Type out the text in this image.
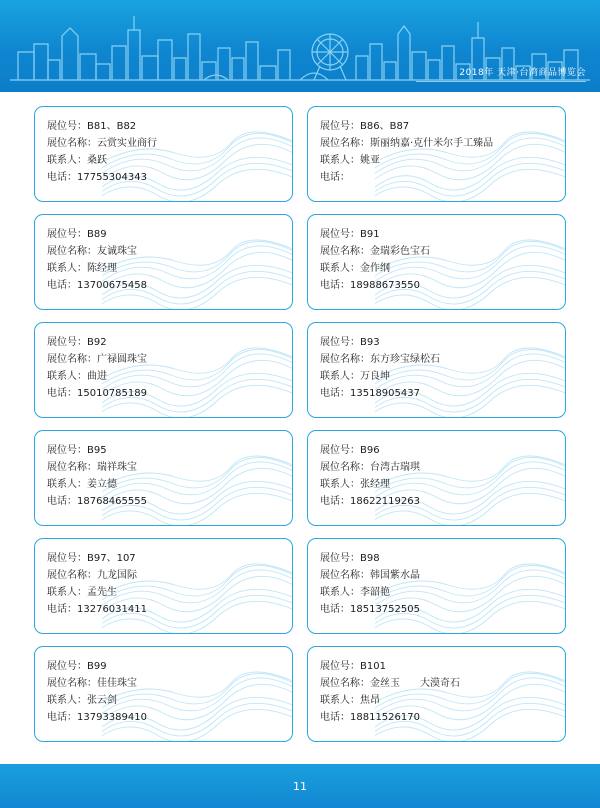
2018年 天津·台湾商品博览会
展位号：B81、B82
展位名称：云赏实业商行
联系人：桑跃
电话：17755304343
展位号：B86、B87
展位名称：斯丽纳嘉·克什米尔手工臻品
联系人：姚亚
电话：
展位号：B89
展位名称：友诚珠宝
联系人：陈经理
电话：13700675458
展位号：B91
展位名称：金瑞彩色宝石
联系人：金作纲
电话：18988673550
展位号：B92
展位名称：广禄圆珠宝
联系人：曲进
电话：15010785189
展位号：B93
展位名称：东方珍宝绿松石
联系人：万良坤
电话：13518905437
展位号：B95
展位名称：瑞祥珠宝
联系人：姜立德
电话：18768465555
展位号：B96
展位名称：台湾古瑞琪
联系人：张经理
电话：18622119263
展位号：B97、107
展位名称：九龙国际
联系人：孟先生
电话：13276031411
展位号：B98
展位名称：韩国紫水晶
联系人：李韶艳
电话：18513752505
展位号：B99
展位名称：佳佳珠宝
联系人：张云剑
电话：13793389410
展位号：B101
展位名称：金丝玉　　大漠奇石
联系人：焦昂
电话：18811526170
11
